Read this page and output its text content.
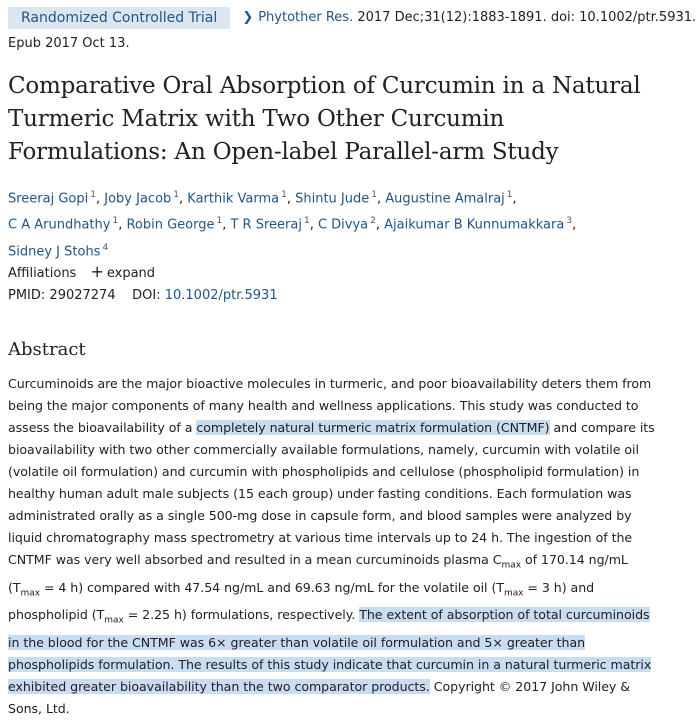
Randomized Controlled Trial ❯ Phytother Res. 2017 Dec;31(12):1883-1891. doi: 10.1002/ptr.5931.
Epub 2017 Oct 13.
Comparative Oral Absorption of Curcumin in a Natural Turmeric Matrix with Two Other Curcumin Formulations: An Open-label Parallel-arm Study
Sreeraj Gopi $^1$, Joby Jacob $^1$, Karthik Varma $^1$, Shintu Jude $^1$, Augustine Amalraj $^1$,
C A Arundhathy $^1$, Robin George $^1$, T R Sreeraj $^1$, C Divya $^2$, Ajaikumar B Kunnumakkara $^3$,
Sidney J Stohs $^4$
Affiliations + expand
PMID: 29027274 DOI: 10.1002/ptr.5931
Abstract
Curcuminoids are the major bioactive molecules in turmeric, and poor bioavailability deters them from being the major components of many health and wellness applications. This study was conducted to assess the bioavailability of a completely natural turmeric matrix formulation (CNTMF) and compare its bioavailability with two other commercially available formulations, namely, curcumin with volatile oil (volatile oil formulation) and curcumin with phospholipids and cellulose (phospholipid formulation) in healthy human adult male subjects (15 each group) under fasting conditions. Each formulation was administrated orally as a single 500-mg dose in capsule form, and blood samples were analyzed by liquid chromatography mass spectrometry at various time intervals up to 24 h. The ingestion of the CNTMF was very well absorbed and resulted in a mean curcuminoids plasma $C_{max}$ of 170.14 ng/mL ($T_{max} = 4$ h) compared with 47.54 ng/mL and 69.63 ng/mL for the volatile oil ($T_{max} = 3$ h) and phospholipid ($T_{max} = 2.25$ h) formulations, respectively. The extent of absorption of total curcuminoids in the blood for the CNTMF was 6× greater than volatile oil formulation and 5× greater than phospholipids formulation. The results of this study indicate that curcumin in a natural turmeric matrix exhibited greater bioavailability than the two comparator products. Copyright © 2017 John Wiley & Sons, Ltd.
